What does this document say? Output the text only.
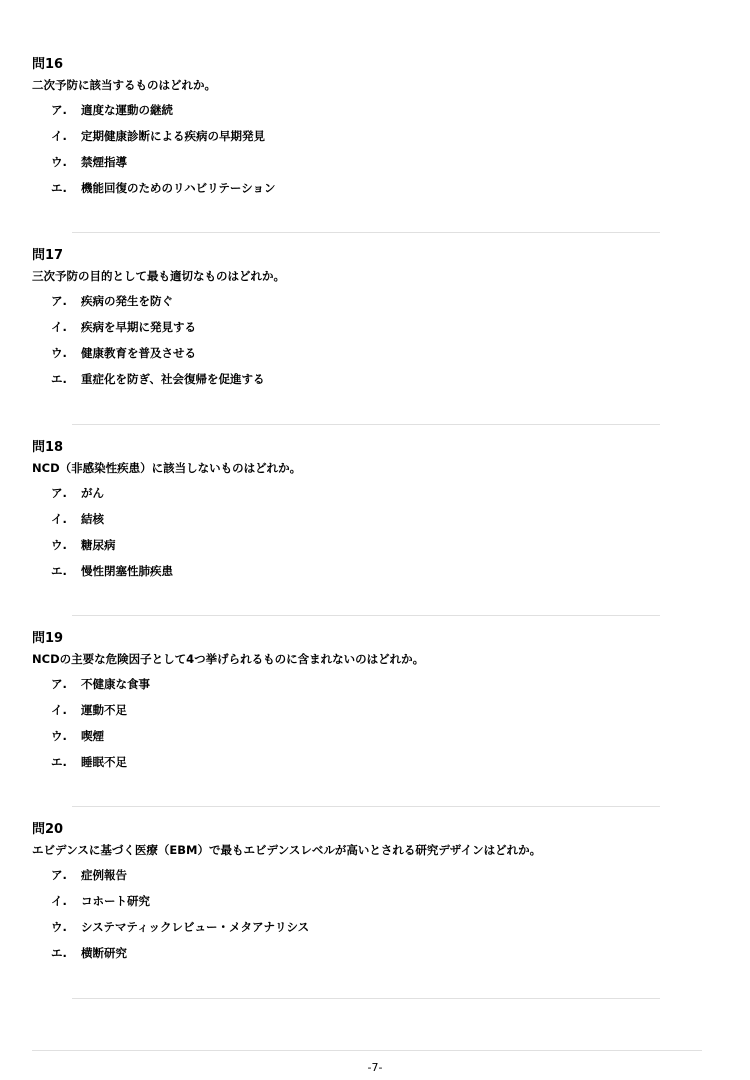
問16
二次予防に該当するものはどれか。
ア. 適度な運動の継続
イ. 定期健康診断による疾病の早期発見
ウ. 禁煙指導
エ. 機能回復のためのリハビリテーション
問17
三次予防の目的として最も適切なものはどれか。
ア. 疾病の発生を防ぐ
イ. 疾病を早期に発見する
ウ. 健康教育を普及させる
エ. 重症化を防ぎ、社会復帰を促進する
問18
NCD（非感染性疾患）に該当しないものはどれか。
ア. がん
イ. 結核
ウ. 糖尿病
エ. 慢性閉塞性肺疾患
問19
NCDの主要な危険因子として4つ挙げられるものに含まれないのはどれか。
ア. 不健康な食事
イ. 運動不足
ウ. 喫煙
エ. 睡眠不足
問20
エビデンスに基づく医療（EBM）で最もエビデンスレベルが高いとされる研究デザインはどれか。
ア. 症例報告
イ. コホート研究
ウ. システマティックレビュー・メタアナリシス
エ. 横断研究
-7-
